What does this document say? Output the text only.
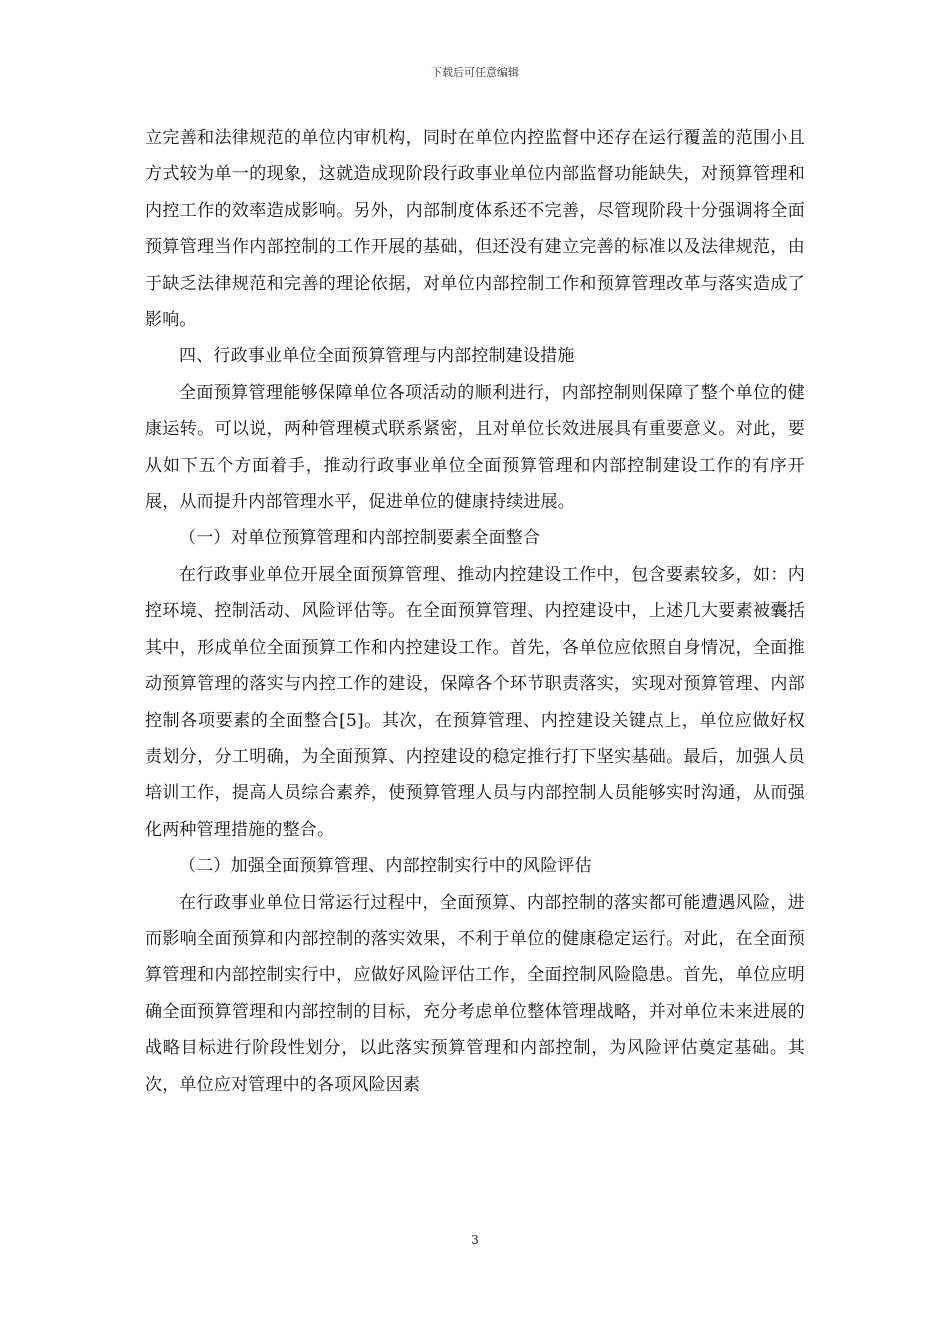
下载后可任意编辑

立完善和法律规范的单位内审机构，同时在单位内控监督中还存在运行覆盖的范围小且方式较为单一的现象，这就造成现阶段行政事业单位内部监督功能缺失，对预算管理和内控工作的效率造成影响。另外，内部制度体系还不完善，尽管现阶段十分强调将全面预算管理当作内部控制的工作开展的基础，但还没有建立完善的标准以及法律规范，由于缺乏法律规范和完善的理论依据，对单位内部控制工作和预算管理改革与落实造成了影响。

四、行政事业单位全面预算管理与内部控制建设措施

全面预算管理能够保障单位各项活动的顺利进行，内部控制则保障了整个单位的健康运转。可以说，两种管理模式联系紧密，且对单位长效进展具有重要意义。对此，要从如下五个方面着手，推动行政事业单位全面预算管理和内部控制建设工作的有序开展，从而提升内部管理水平，促进单位的健康持续进展。

（一）对单位预算管理和内部控制要素全面整合

在行政事业单位开展全面预算管理、推动内控建设工作中，包含要素较多，如：内控环境、控制活动、风险评估等。在全面预算管理、内控建设中，上述几大要素被囊括其中，形成单位全面预算工作和内控建设工作。首先，各单位应依照自身情况，全面推动预算管理的落实与内控工作的建设，保障各个环节职责落实，实现对预算管理、内部控制各项要素的全面整合[5]。其次，在预算管理、内控建设关键点上，单位应做好权责划分，分工明确，为全面预算、内控建设的稳定推行打下坚实基础。最后，加强人员培训工作，提高人员综合素养，使预算管理人员与内部控制人员能够实时沟通，从而强化两种管理措施的整合。

（二）加强全面预算管理、内部控制实行中的风险评估

在行政事业单位日常运行过程中，全面预算、内部控制的落实都可能遭遇风险，进而影响全面预算和内部控制的落实效果，不利于单位的健康稳定运行。对此，在全面预算管理和内部控制实行中，应做好风险评估工作，全面控制风险隐患。首先，单位应明确全面预算管理和内部控制的目标，充分考虑单位整体管理战略，并对单位未来进展的战略目标进行阶段性划分，以此落实预算管理和内部控制，为风险评估奠定基础。其次，单位应对管理中的各项风险因素

3
